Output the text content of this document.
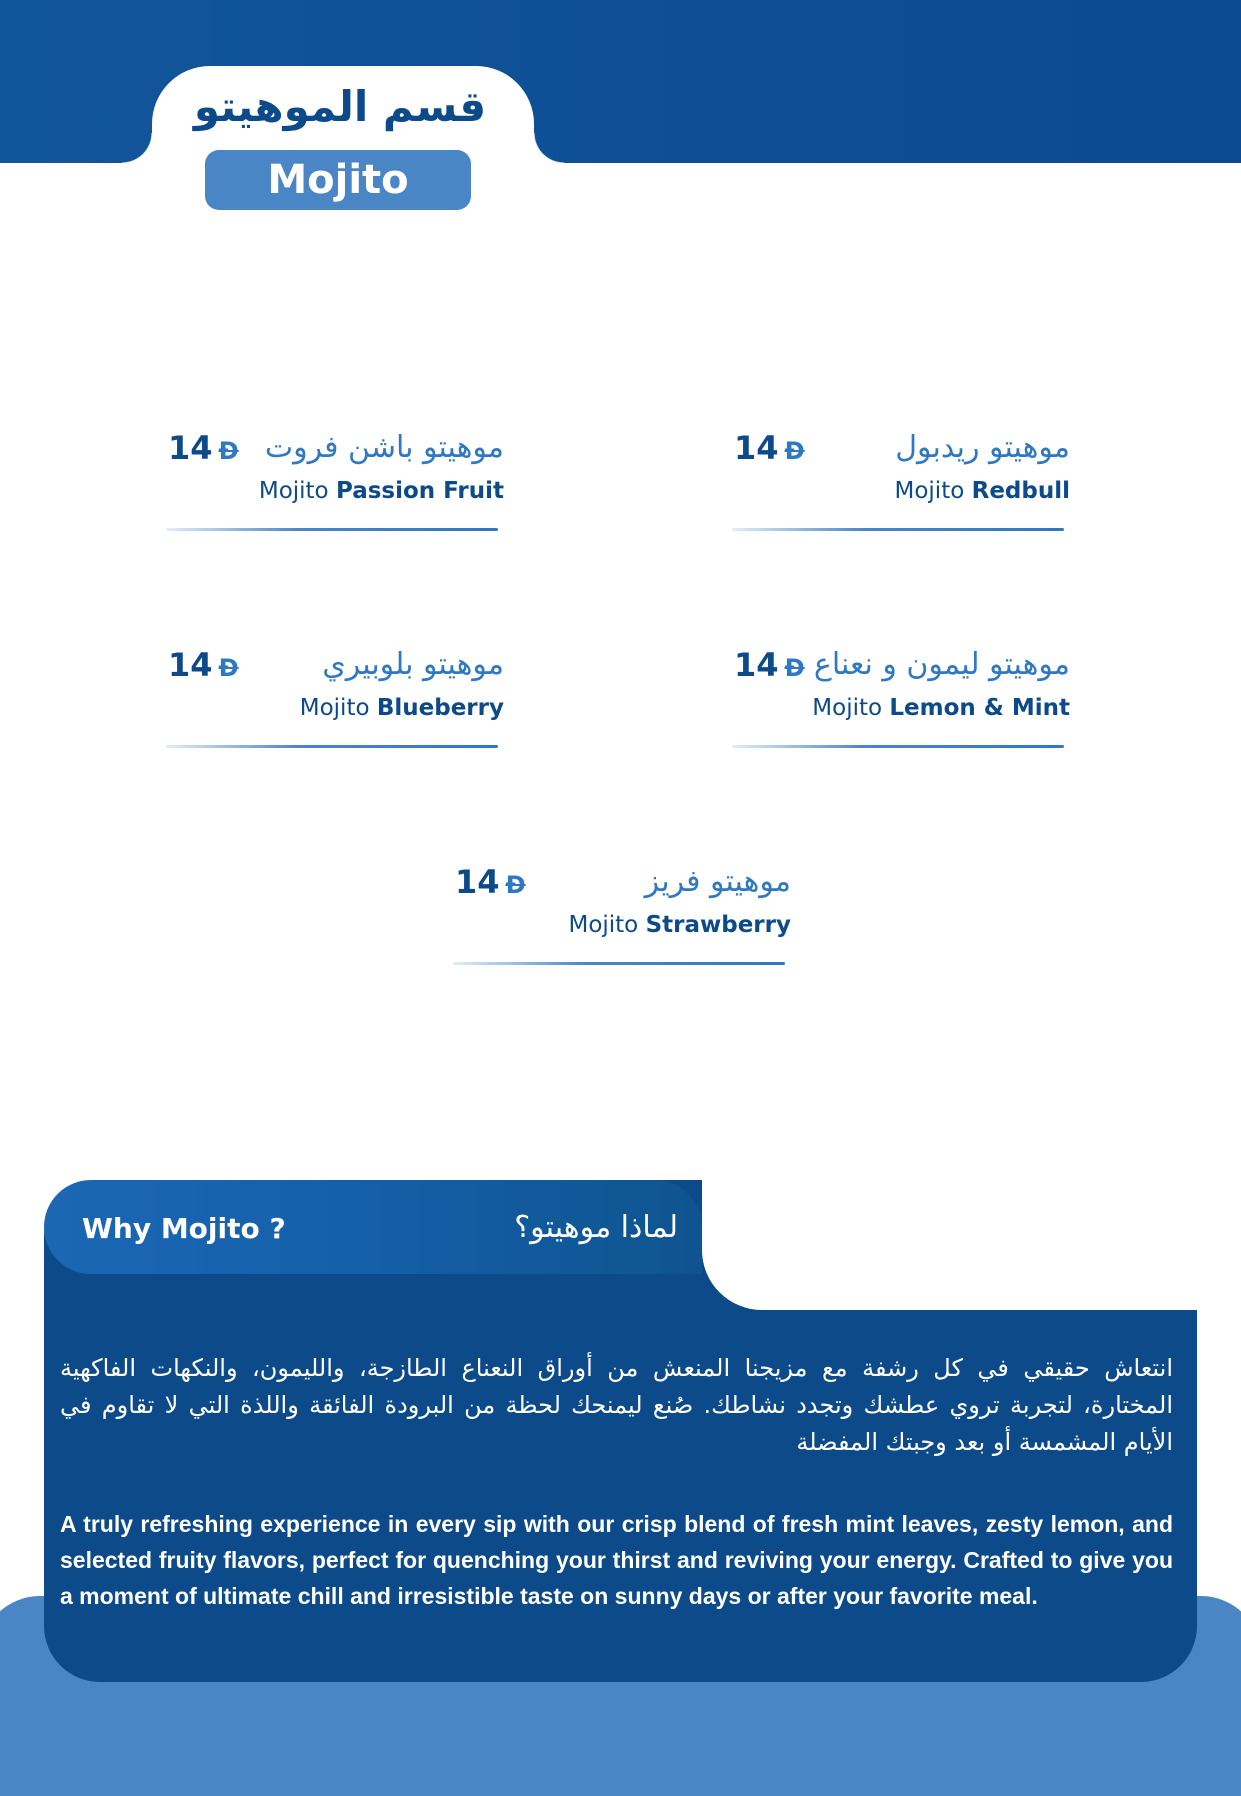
قسم الموهيتو
Mojito
14 Đ	موهيتو ريدبول
Mojito Redbull
14 Đ موهيتو باشن فروت
Mojito Passion Fruit
14 Đ موهيتو ليمون و نعناع
Mojito Lemon & Mint
14 Đ	موهيتو بلوبيري
Mojito Blueberry
14 Đ	موهيتو فريز
Mojito Strawberry
Why Mojito ?	لماذا موهيتو؟
انتعاش حقيقي في كل رشفة مع مزيجنا المنعش من أوراق النعناع الطازجة، والليمون، والنكهات الفاكهية المختارة، لتجربة تروي عطشك وتجدد نشاطك. صُنع ليمنحك لحظة من البرودة الفائقة واللذة التي لا تقاوم في الأيام المشمسة أو بعد وجبتك المفضلة
A truly refreshing experience in every sip with our crisp blend of fresh mint leaves, zesty lemon, and selected fruity flavors, perfect for quenching your thirst and reviving your energy. Crafted to give you a moment of ultimate chill and irresistible taste on sunny days or after your favorite meal.
